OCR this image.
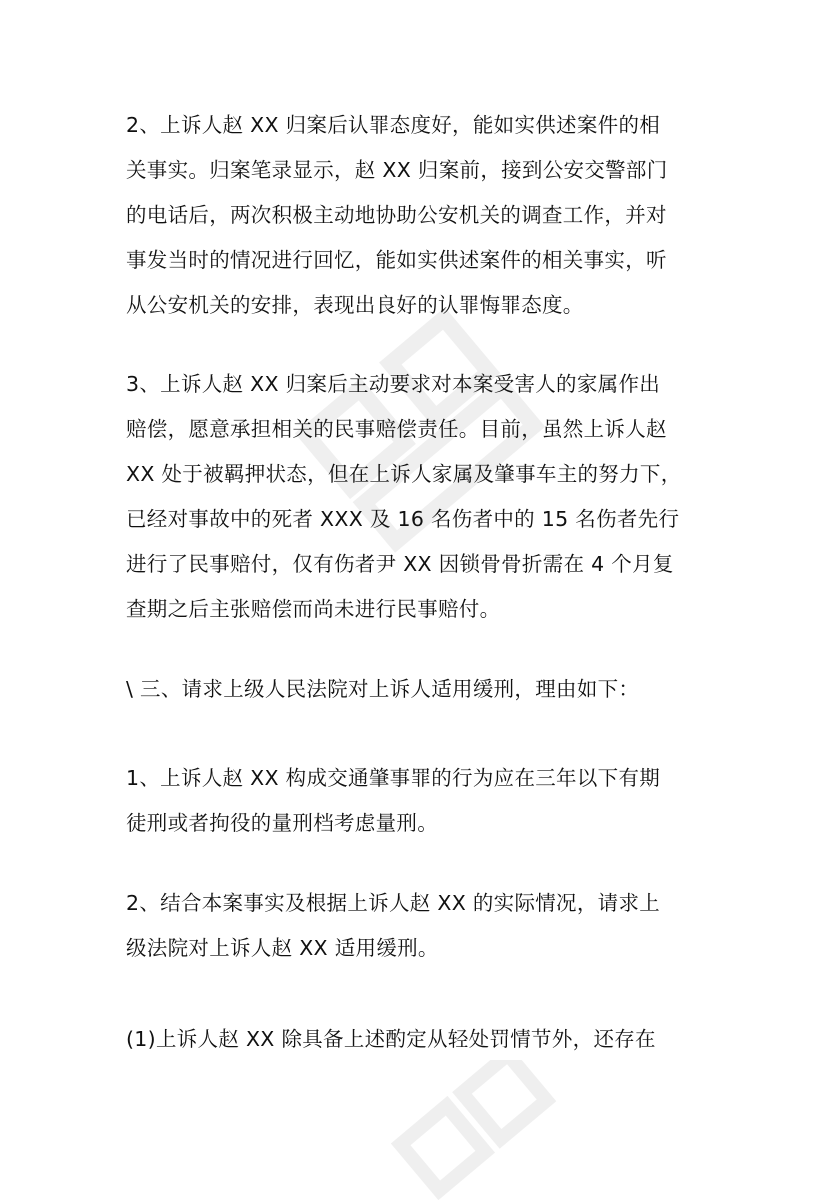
2、上诉人赵 XX 归案后认罪态度好，能如实供述案件的相
关事实。归案笔录显示，赵 XX 归案前，接到公安交警部门
的电话后，两次积极主动地协助公安机关的调查工作，并对
事发当时的情况进行回忆，能如实供述案件的相关事实，听
从公安机关的安排，表现出良好的认罪悔罪态度。

3、上诉人赵 XX 归案后主动要求对本案受害人的家属作出
赔偿，愿意承担相关的民事赔偿责任。目前，虽然上诉人赵
XX 处于被羁押状态，但在上诉人家属及肇事车主的努力下，
已经对事故中的死者 XXX 及 16 名伤者中的 15 名伤者先行
进行了民事赔付，仅有伤者尹 XX 因锁骨骨折需在 4 个月复
查期之后主张赔偿而尚未进行民事赔付。

\ 三、请求上级人民法院对上诉人适用缓刑，理由如下：

1、上诉人赵 XX 构成交通肇事罪的行为应在三年以下有期
徒刑或者拘役的量刑档考虑量刑。

2、结合本案事实及根据上诉人赵 XX 的实际情况，请求上
级法院对上诉人赵 XX 适用缓刑。

(1)上诉人赵 XX 除具备上述酌定从轻处罚情节外，还存在
